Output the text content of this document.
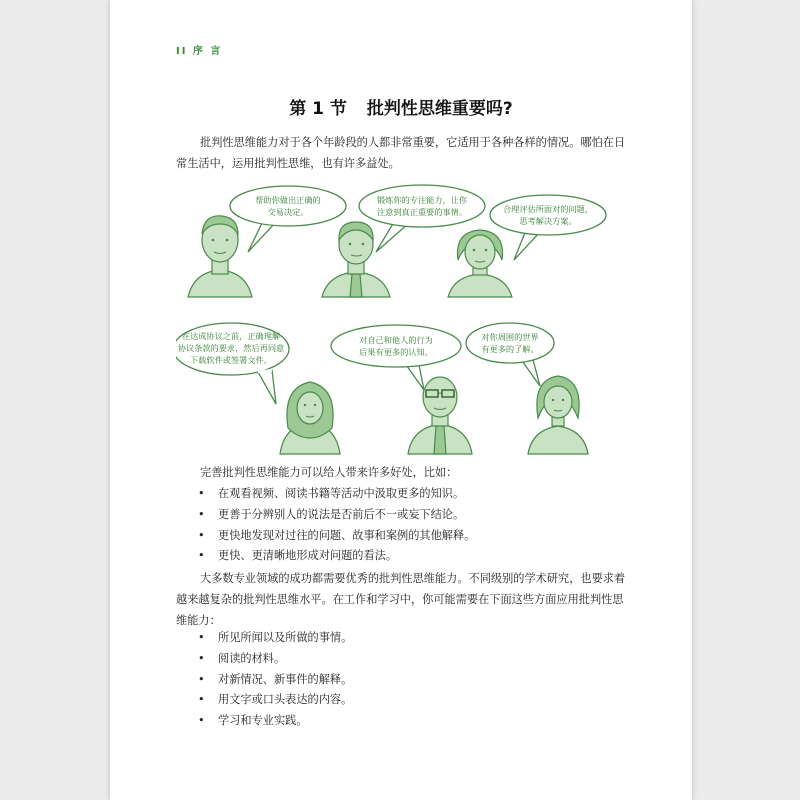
II 序 言
第 1 节 批判性思维重要吗?

批判性思维能力对于各个年龄段的人都非常重要，它适用于各种各样的情况。哪怕在日常生活中，运用批判性思维，也有许多益处。

帮助你做出正确的
交易决定。
锻炼你的专注能力，让你
注意到真正重要的事情。	合理评估所面对的问题，
思考解决方案。
在达成协议之前，正确理解
协议条款的要求，然后再同意
下载软件或签署文件。
对自己和他人的行为
后果有更多的认知。
对你周围的世界
有更多的了解。

完善批判性思维能力可以给人带来许多好处，比如：

• 在观看视频、阅读书籍等活动中汲取更多的知识。
• 更善于分辨别人的说法是否前后不一或妄下结论。
• 更快地发现对过往的问题、故事和案例的其他解释。
• 更快、更清晰地形成对问题的看法。

大多数专业领域的成功都需要优秀的批判性思维能力。不同级别的学术研究，也要求着越来越复杂的批判性思维水平。在工作和学习中，你可能需要在下面这些方面应用批判性思维能力：

• 所见所闻以及所做的事情。
• 阅读的材料。
• 对新情况、新事件的解释。
• 用文字或口头表达的内容。
• 学习和专业实践。
